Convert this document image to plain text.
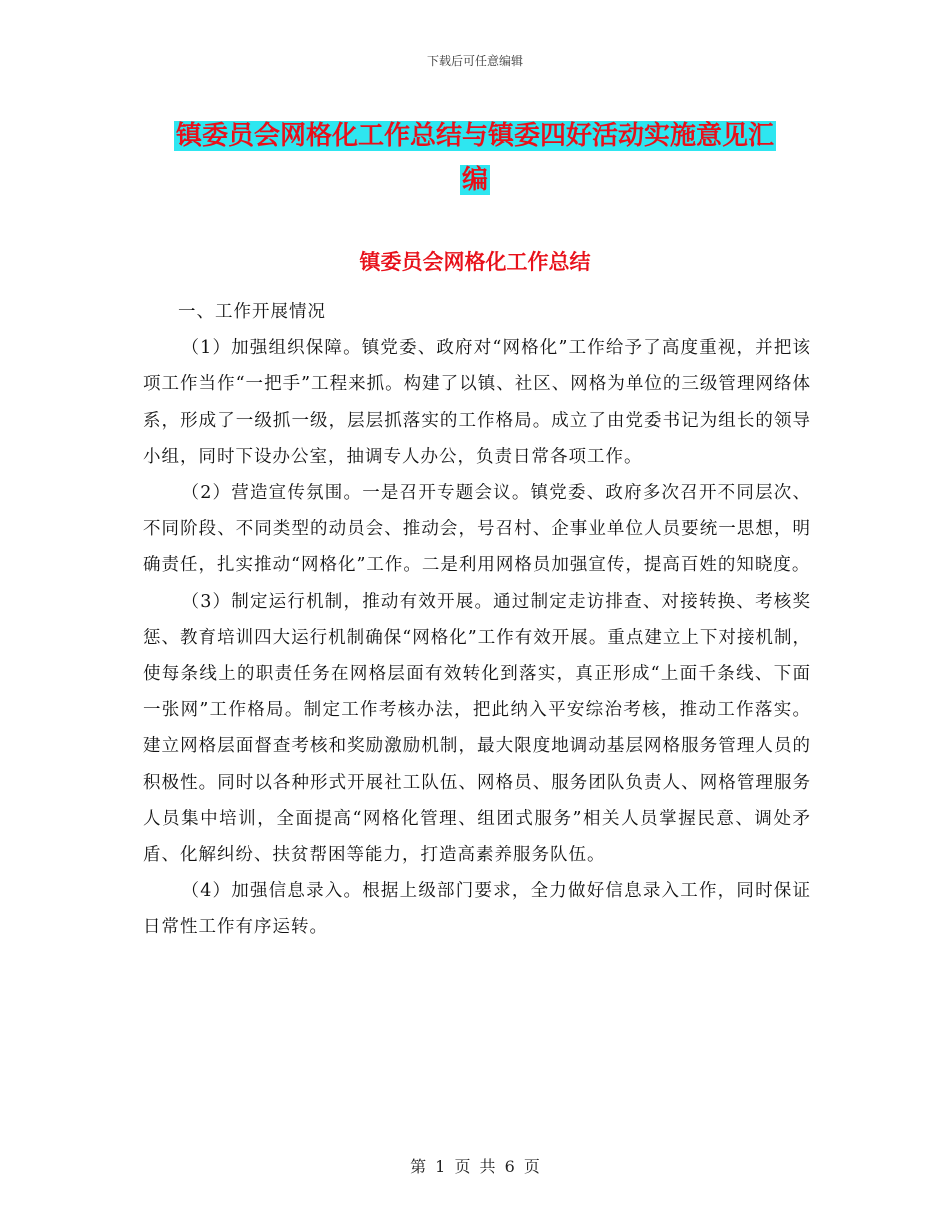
下载后可任意编辑
镇委员会网格化工作总结与镇委四好活动实施意见汇
编
镇委员会网格化工作总结

一、工作开展情况

（1）加强组织保障。镇党委、政府对“网格化”工作给予了高度重视，并把该项工作当作“一把手”工程来抓。构建了以镇、社区、网格为单位的三级管理网络体系，形成了一级抓一级，层层抓落实的工作格局。成立了由党委书记为组长的领导小组，同时下设办公室，抽调专人办公，负责日常各项工作。

（2）营造宣传氛围。一是召开专题会议。镇党委、政府多次召开不同层次、不同阶段、不同类型的动员会、推动会，号召村、企事业单位人员要统一思想，明确责任，扎实推动“网格化”工作。二是利用网格员加强宣传，提高百姓的知晓度。

（3）制定运行机制，推动有效开展。通过制定走访排查、对接转换、考核奖惩、教育培训四大运行机制确保“网格化”工作有效开展。重点建立上下对接机制，使每条线上的职责任务在网格层面有效转化到落实，真正形成“上面千条线、下面一张网”工作格局。制定工作考核办法，把此纳入平安综治考核，推动工作落实。建立网格层面督查考核和奖励激励机制，最大限度地调动基层网格服务管理人员的积极性。同时以各种形式开展社工队伍、网格员、服务团队负责人、网格管理服务人员集中培训，全面提高“网格化管理、组团式服务”相关人员掌握民意、调处矛盾、化解纠纷、扶贫帮困等能力，打造高素养服务队伍。

（4）加强信息录入。根据上级部门要求，全力做好信息录入工作，同时保证日常性工作有序运转。

第 1 页 共 6 页
